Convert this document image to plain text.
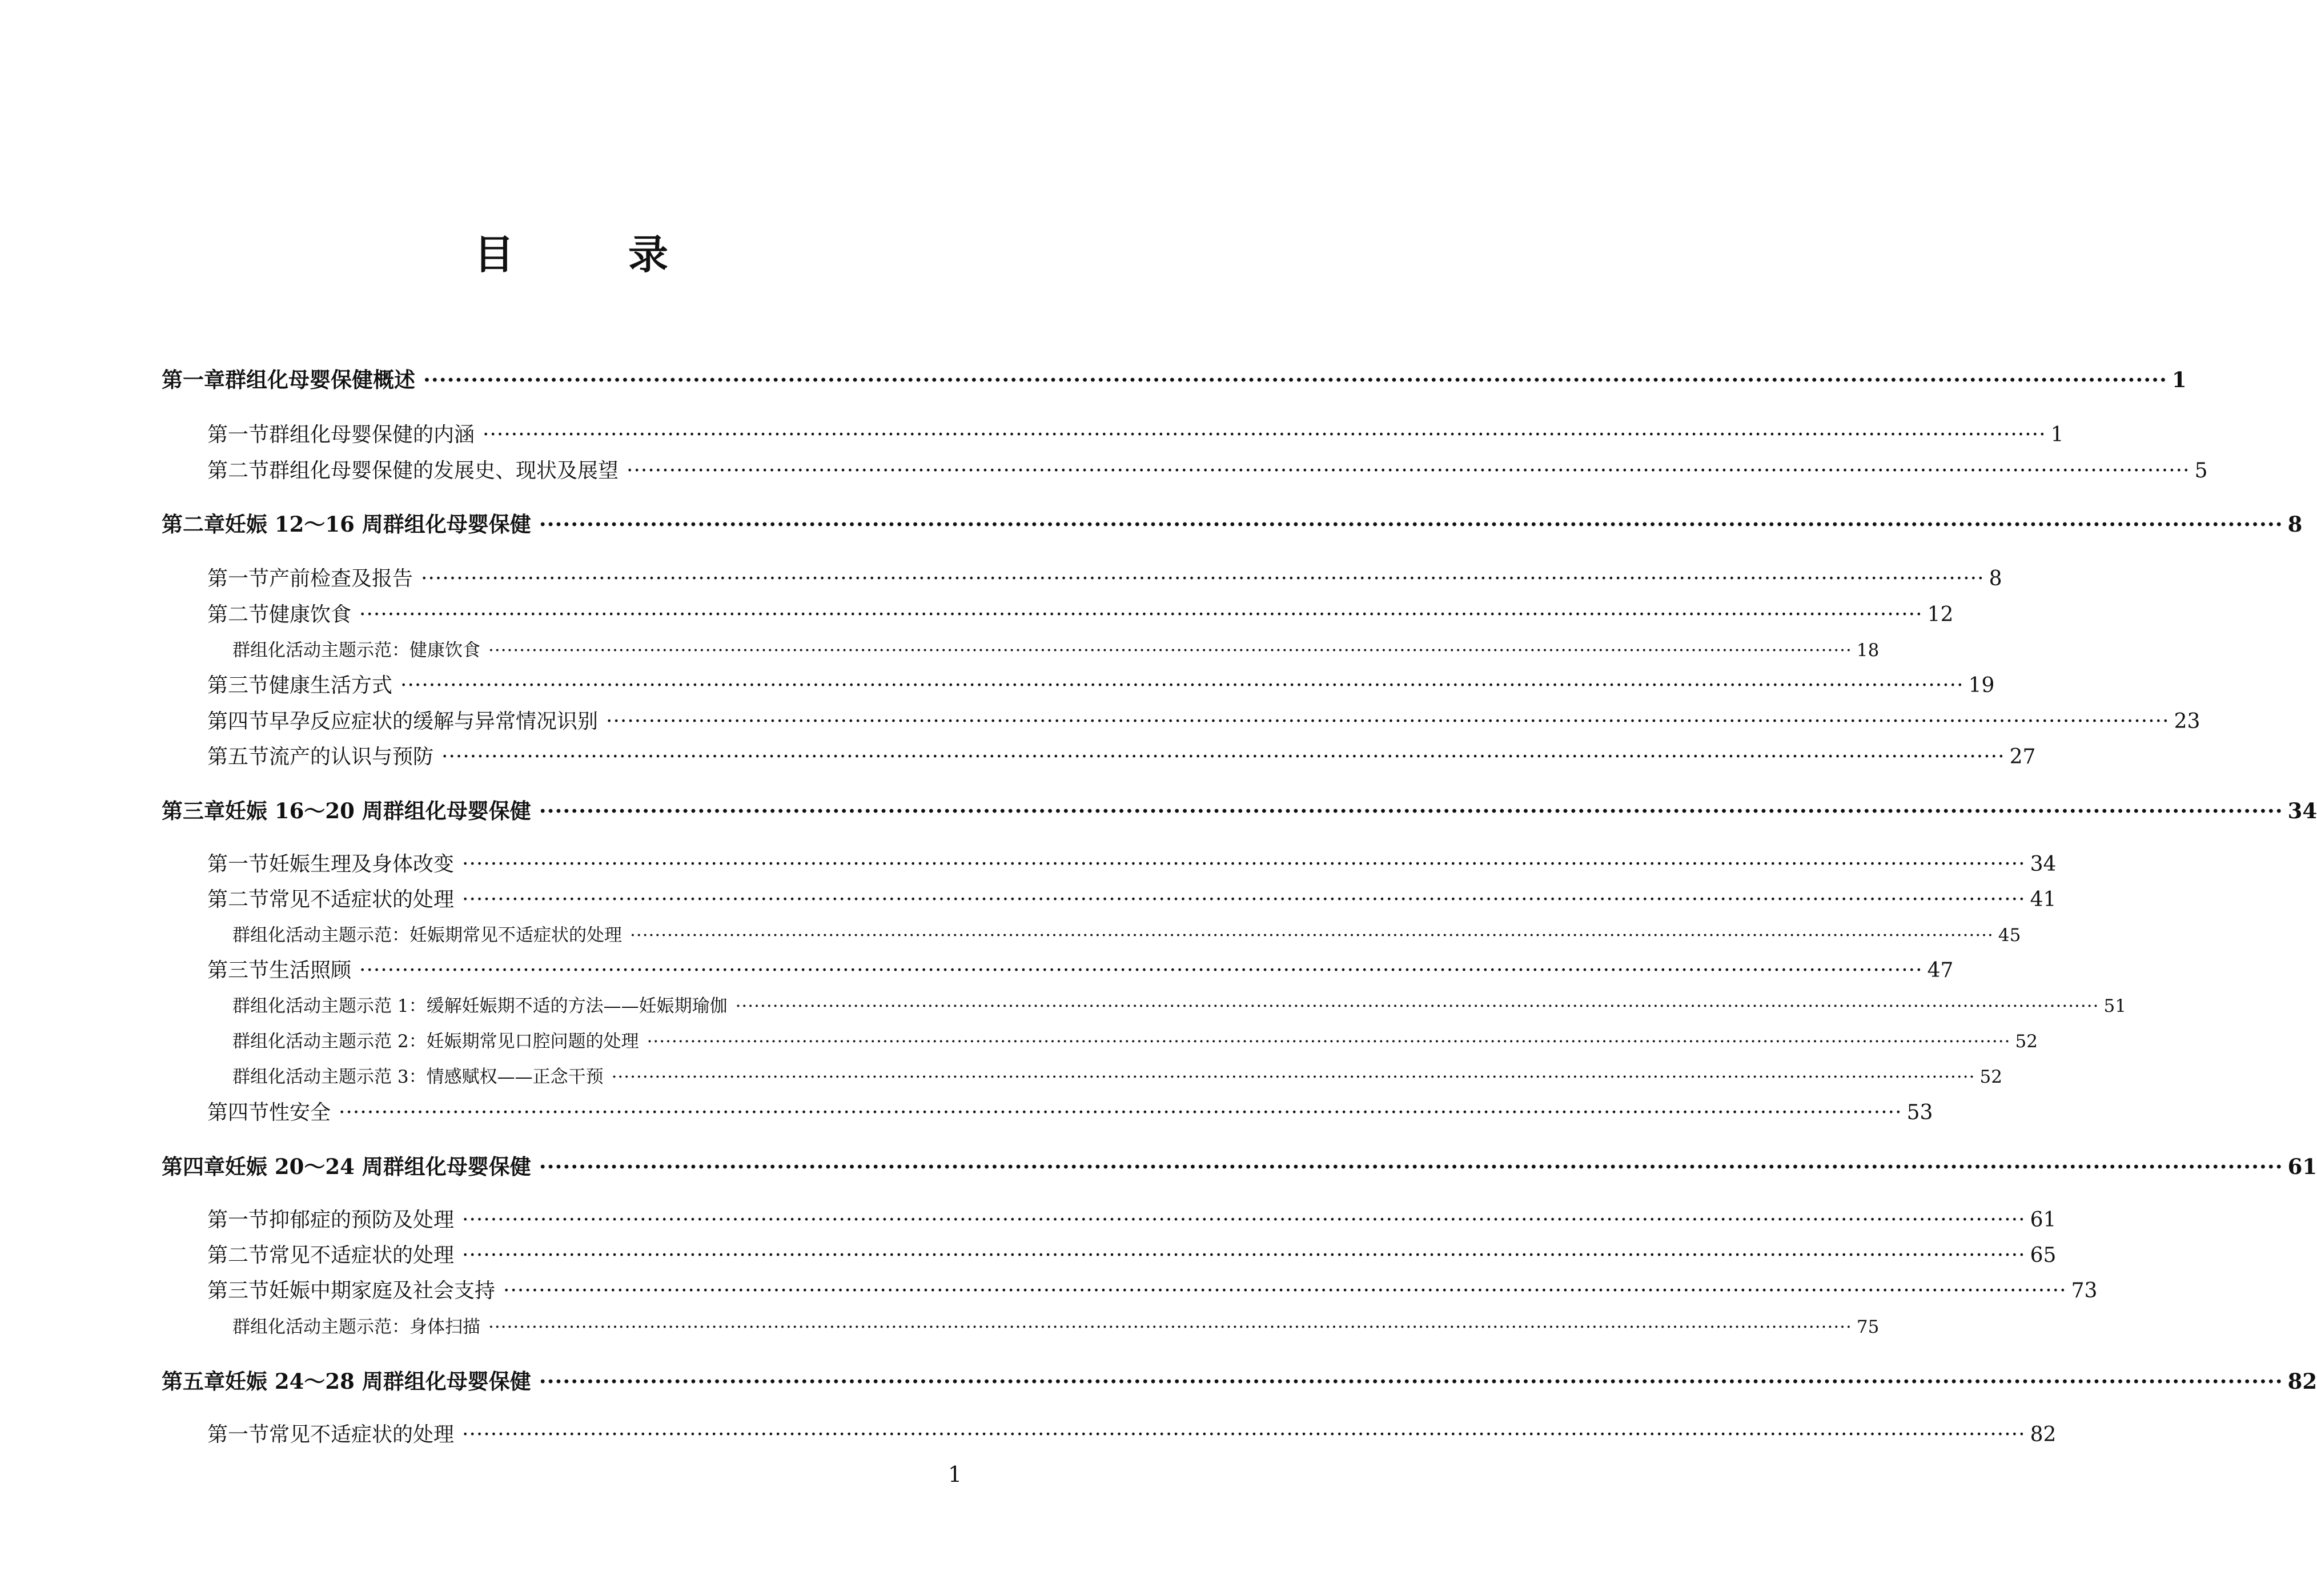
目	录
第一章 群组化母婴保健概述 ···························································································································································································································· 1
第一节 群组化母婴保健的内涵 ···························································································································································································································· 1
第二节 群组化母婴保健的发展史、现状及展望 ···························································································································································································································· 5
第二章 妊娠 12～16 周群组化母婴保健 ···························································································································································································································· 8
第一节 产前检查及报告 ···························································································································································································································· 8
第二节 健康饮食 ···························································································································································································································· 12
群组化活动主题示范：健康饮食 ···························································································································································································································· 18
第三节 健康生活方式 ···························································································································································································································· 19
第四节 早孕反应症状的缓解与异常情况识别 ···························································································································································································································· 23
第五节 流产的认识与预防 ···························································································································································································································· 27
第三章 妊娠 16～20 周群组化母婴保健 ···························································································································································································································· 34
第一节 妊娠生理及身体改变 ···························································································································································································································· 34
第二节 常见不适症状的处理 ···························································································································································································································· 41
群组化活动主题示范：妊娠期常见不适症状的处理 ···························································································································································································································· 45
第三节 生活照顾 ···························································································································································································································· 47
群组化活动主题示范 1：缓解妊娠期不适的方法——妊娠期瑜伽 ···························································································································································································································· 51
群组化活动主题示范 2：妊娠期常见口腔问题的处理 ···························································································································································································································· 52
群组化活动主题示范 3：情感赋权——正念干预 ···························································································································································································································· 52
第四节 性安全 ···························································································································································································································· 53
第四章 妊娠 20～24 周群组化母婴保健 ···························································································································································································································· 61
第一节 抑郁症的预防及处理 ···························································································································································································································· 61
第二节 常见不适症状的处理 ···························································································································································································································· 65
第三节 妊娠中期家庭及社会支持 ···························································································································································································································· 73
群组化活动主题示范：身体扫描 ···························································································································································································································· 75
第五章 妊娠 24～28 周群组化母婴保健 ···························································································································································································································· 82
第一节 常见不适症状的处理 ···························································································································································································································· 82
1
